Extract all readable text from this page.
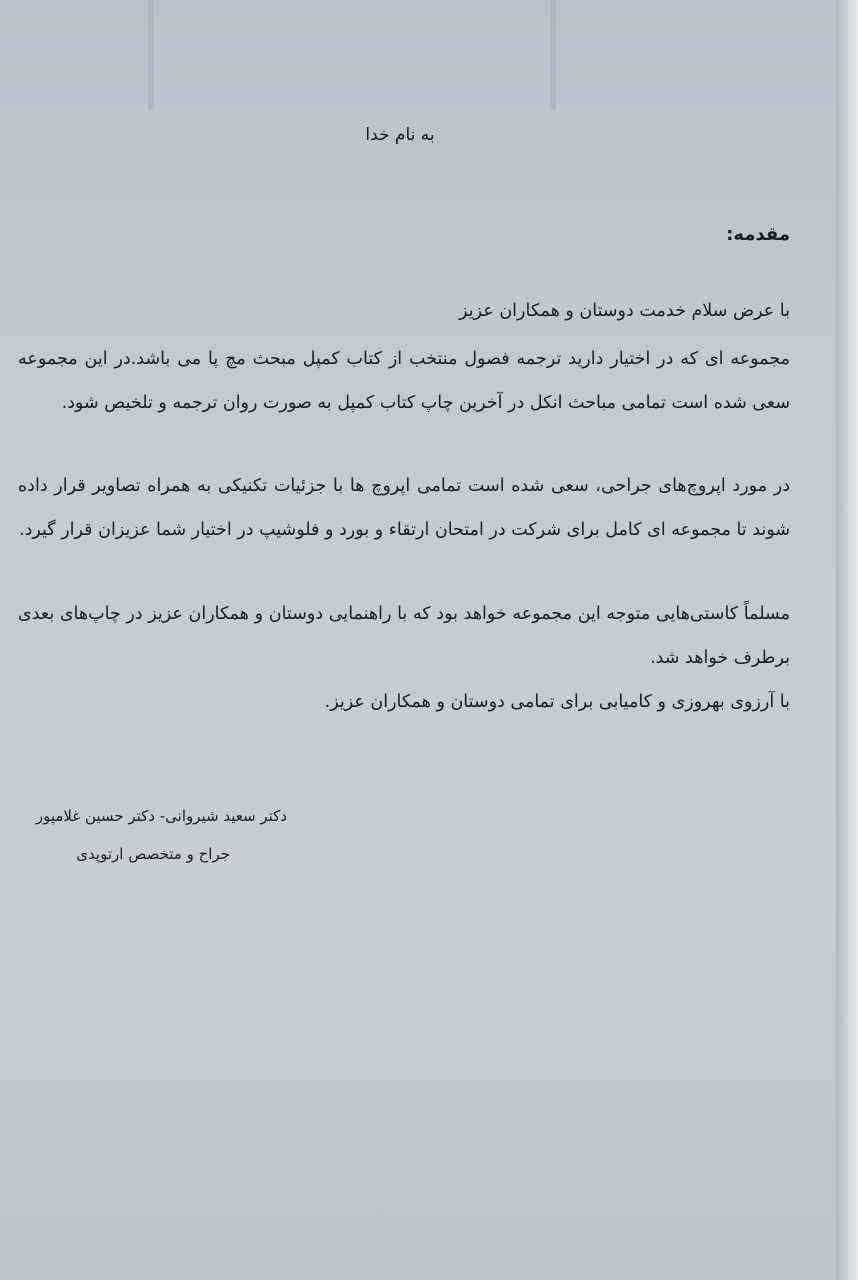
به نام خدا
مقدمه:
با عرض سلام خدمت دوستان و همکاران عزیز
مجموعه ای که در اختیار دارید ترجمه فصول منتخب از کتاب کمپل مبحث مچ پا می باشد.در این مجموعه سعی شده است تمامی مباحث انکل در آخرین چاپ کتاب کمپل به صورت روان ترجمه و تلخیص شود.
در مورد اپروچ‌های جراحی، سعی شده است تمامی اپروچ ها با جزئیات تکنیکی به همراه تصاویر قرار داده شوند تا مجموعه ای کامل برای شرکت در امتحان ارتقاء و بورد و فلوشیپ در اختیار شما عزیزان قرار گیرد.
مسلماً کاستی‌هایی متوجه این مجموعه خواهد بود که با راهنمایی دوستان و همکاران عزیز در چاپ‌های بعدی برطرف خواهد شد.
با آرزوی بهروزی و کامیابی برای تمامی دوستان و همکاران عزیز.
دکتر سعید شیروانی- دکتر حسین غلامپور
جراح و متخصص ارتوپدی
